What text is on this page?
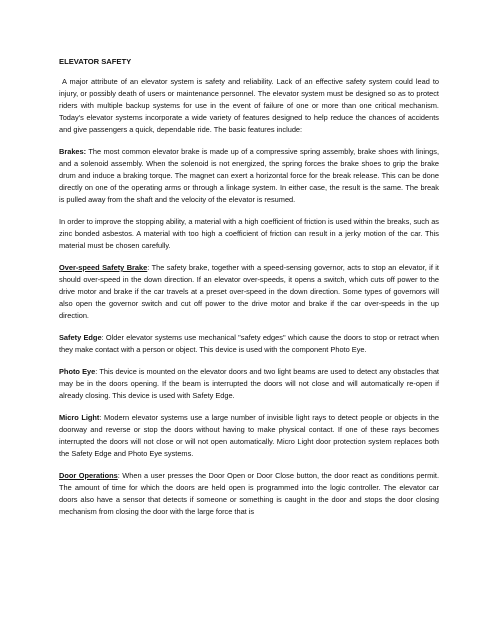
ELEVATOR SAFETY

A major attribute of an elevator system is safety and reliability. Lack of an effective safety system could lead to injury, or possibly death of users or maintenance personnel. The elevator system must be designed so as to protect riders with multiple backup systems for use in the event of failure of one or more than one critical mechanism. Today's elevator systems incorporate a wide variety of features designed to help reduce the chances of accidents and give passengers a quick, dependable ride. The basic features include:

Brakes: The most common elevator brake is made up of a compressive spring assembly, brake shoes with linings, and a solenoid assembly. When the solenoid is not energized, the spring forces the brake shoes to grip the brake drum and induce a braking torque. The magnet can exert a horizontal force for the break release. This can be done directly on one of the operating arms or through a linkage system. In either case, the result is the same. The break is pulled away from the shaft and the velocity of the elevator is resumed.

In order to improve the stopping ability, a material with a high coefficient of friction is used within the breaks, such as zinc bonded asbestos. A material with too high a coefficient of friction can result in a jerky motion of the car. This material must be chosen carefully.

Over-speed Safety Brake: The safety brake, together with a speed-sensing governor, acts to stop an elevator, if it should over-speed in the down direction. If an elevator over-speeds, it opens a switch, which cuts off power to the drive motor and brake if the car travels at a preset over-speed in the down direction. Some types of governors will also open the governor switch and cut off power to the drive motor and brake if the car over-speeds in the up direction.

Safety Edge: Older elevator systems use mechanical "safety edges" which cause the doors to stop or retract when they make contact with a person or object. This device is used with the component Photo Eye.

Photo Eye: This device is mounted on the elevator doors and two light beams are used to detect any obstacles that may be in the doors opening. If the beam is interrupted the doors will not close and will automatically re-open if already closing. This device is used with Safety Edge.

Micro Light: Modern elevator systems use a large number of invisible light rays to detect people or objects in the doorway and reverse or stop the doors without having to make physical contact. If one of these rays becomes interrupted the doors will not close or will not open automatically. Micro Light door protection system replaces both the Safety Edge and Photo Eye systems.

Door Operations: When a user presses the Door Open or Door Close button, the door react as conditions permit. The amount of time for which the doors are held open is programmed into the logic controller. The elevator car doors also have a sensor that detects if someone or something is caught in the door and stops the door closing mechanism from closing the door with the large force that is
